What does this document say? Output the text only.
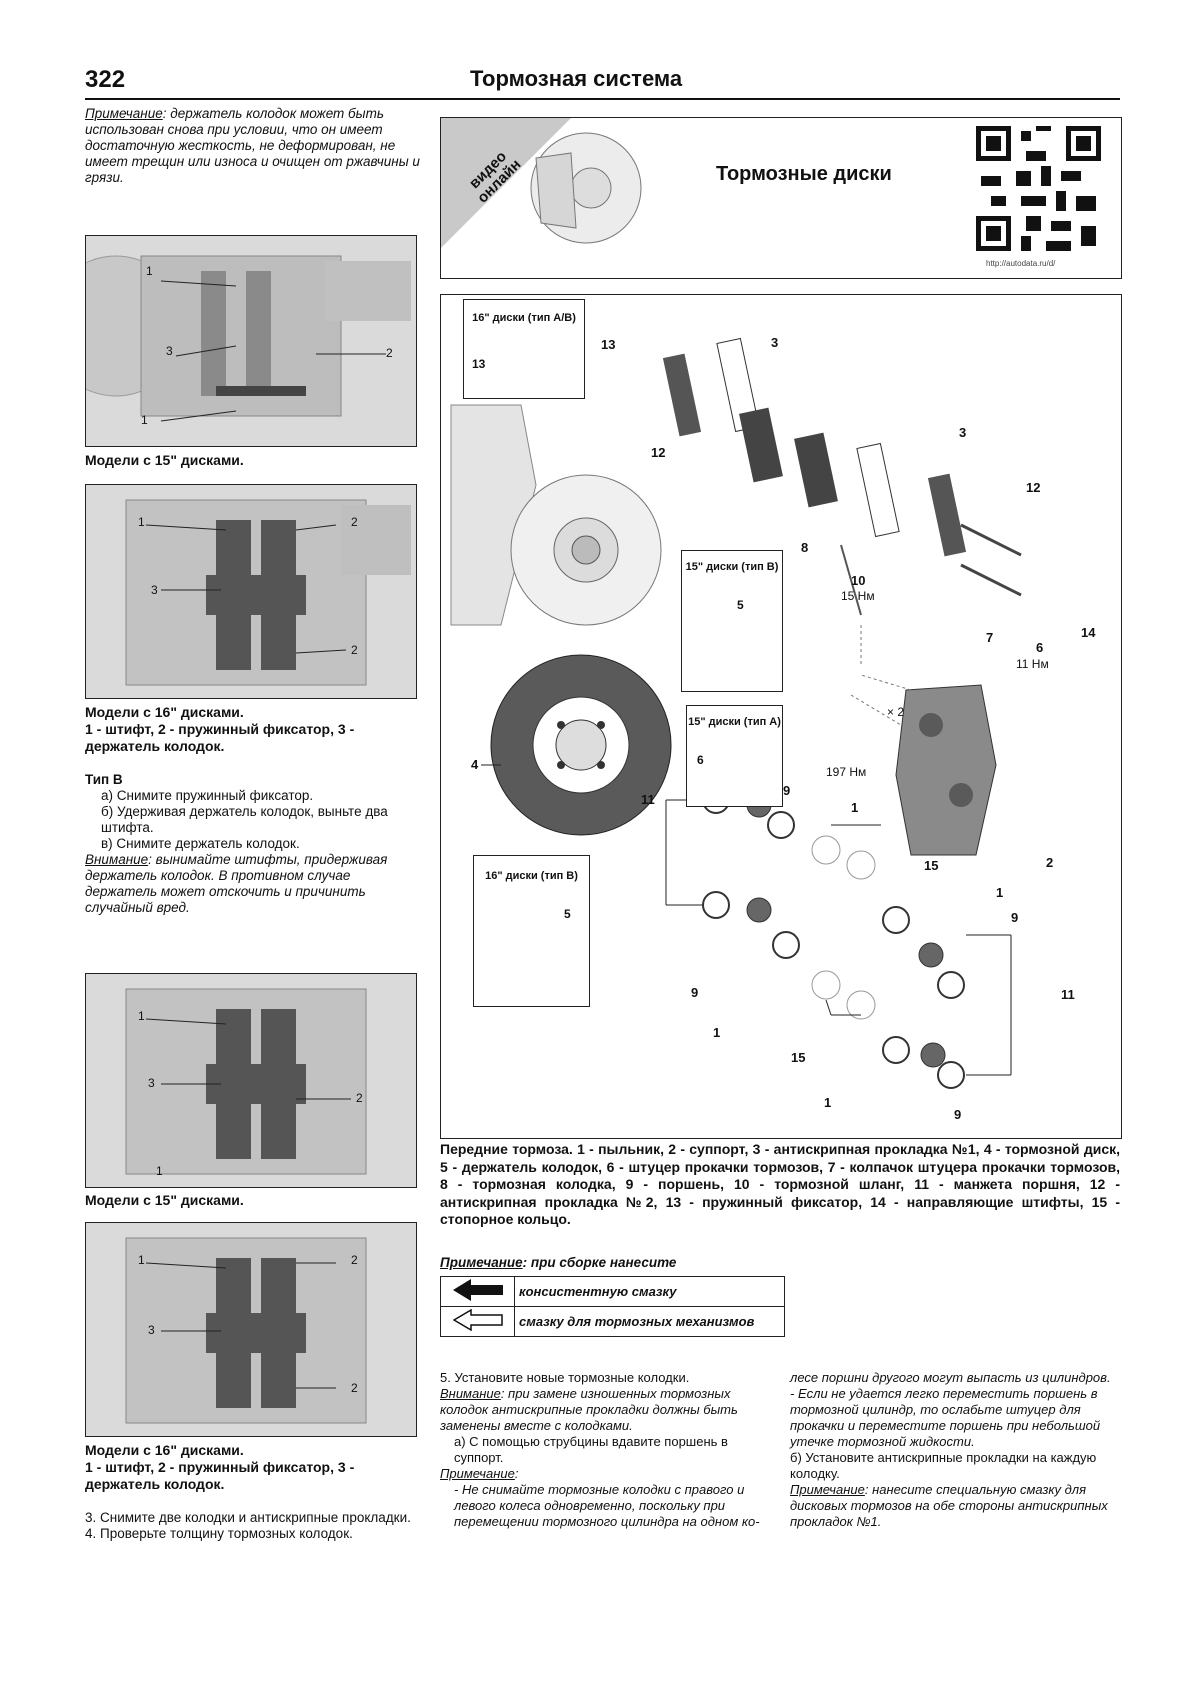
322	Тормозная система
Примечание: держатель колодок может быть использован снова при условии, что он имеет достаточную жесткость, не деформирован, не имеет трещин или износа и очищен от ржавчины и грязи.
1
3
1
2
Модели с 15" дисками.
1
3
2
2
Модели с 16" дисками.
1 - штифт, 2 - пружинный фиксатор, 3 - держатель колодок.
Тип B
а) Снимите пружинный фиксатор.
б) Удерживая держатель колодок, выньте два штифта.
в) Снимите держатель колодок.
Внимание: вынимайте штифты, придерживая держатель колодок. В противном случае держатель может отскочить и причинить случайный вред.
1
3
2
1
Модели с 15" дисками.
1
3
2
2
Модели с 16" дисками.
1 - штифт, 2 - пружинный фиксатор, 3 - держатель колодок.
3. Снимите две колодки и антискрипные прокладки.
4. Проверьте толщину тормозных колодок.
видео онлайн	Тормозные диски
http://autodata.ru/d/
16" диски (тип A/B)
13
15" диски (тип B)
5
15" диски (тип A)
6
16" диски (тип B)
5
13	3
12
3
12
8
10
15 Нм
14
7
6
11 Нм
× 2
197 Нм
4
2
9
1
11
15
1
9
9	11
1
15
1
9
Передние тормоза. 1 - пыльник, 2 - суппорт, 3 - антискрипная прокладка №1, 4 - тормозной диск, 5 - держатель колодок, 6 - штуцер прокачки тормозов, 7 - колпачок штуцера прокачки тормозов, 8 - тормозная колодка, 9 - поршень, 10 - тормозной шланг, 11 - манжета поршня, 12 - антискрипная прокладка №2, 13 - пружинный фиксатор, 14 - направляющие штифты, 15 - стопорное кольцо.
Примечание: при сборке нанесите
	консистентную смазку
	смазку для тормозных механизмов
5. Установите новые тормозные колодки.
Внимание: при замене изношенных тормозных колодок антискрипные прокладки должны быть заменены вместе с колодками.
а) С помощью струбцины вдавите поршень в суппорт.
Примечание:
- Не снимайте тормозные колодки с правого и левого колеса одновременно, поскольку при перемещении тормозного цилиндра на одном ко-
лесе поршни другого могут выпасть из цилиндров.
- Если не удается легко переместить поршень в тормозной цилиндр, то ослабьте штуцер для прокачки и переместите поршень при небольшой утечке тормозной жидкости.
б) Установите антискрипные прокладки на каждую колодку.
Примечание: нанесите специальную смазку для дисковых тормозов на обе стороны антискрипных прокладок №1.
